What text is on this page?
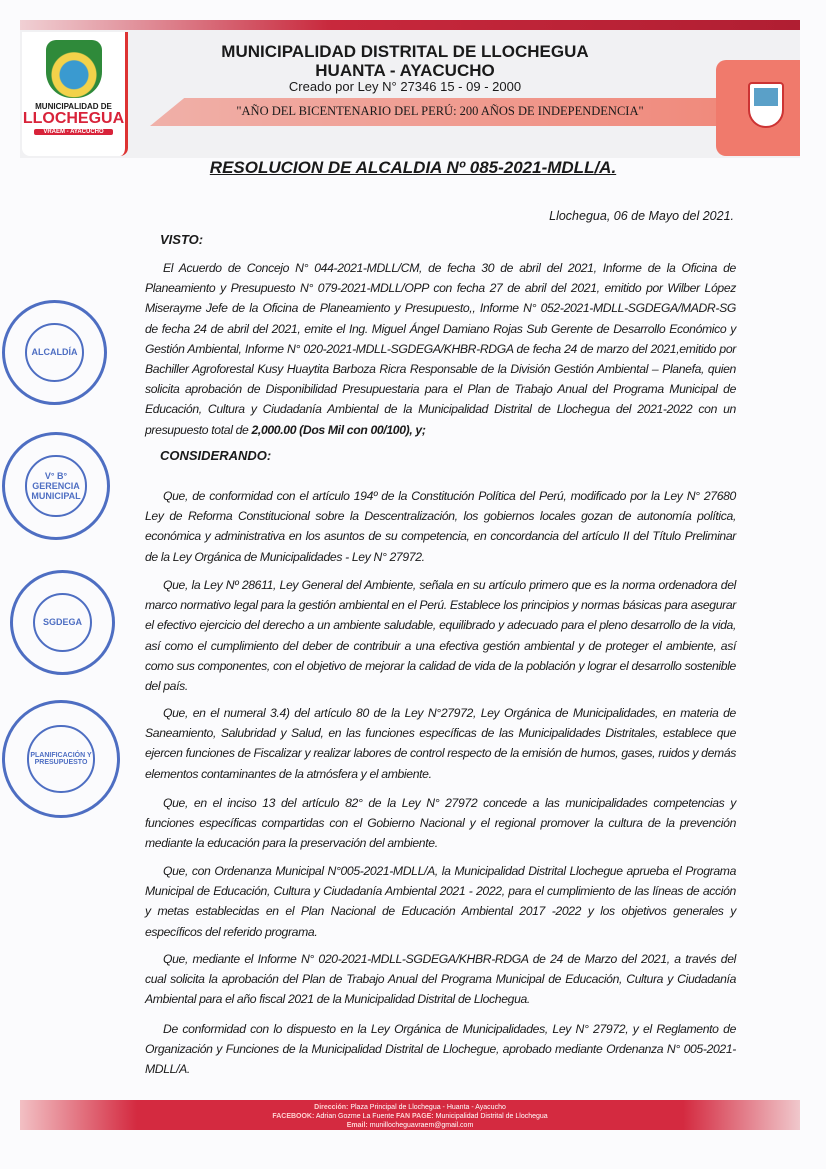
MUNICIPALIDAD DE
LLOCHEGUA
VRAEM - AYACUCHO
MUNICIPALIDAD DISTRITAL DE LLOCHEGUA
HUANTA - AYACUCHO
Creado por Ley N° 27346 15 - 09 - 2000
"AÑO DEL BICENTENARIO DEL PERÚ: 200 AÑOS DE INDEPENDENCIA"
RESOLUCION DE ALCALDIA Nº 085-2021-MDLL/A.
Llochegua, 06 de Mayo del 2021.
VISTO:
El Acuerdo de Concejo N° 044-2021-MDLL/CM, de fecha 30 de abril del 2021, Informe de la Oficina de Planeamiento y Presupuesto N° 079-2021-MDLL/OPP con fecha 27 de abril del 2021, emitido por Wilber López Miserayme Jefe de la Oficina de Planeamiento y Presupuesto,, Informe N° 052-2021-MDLL-SGDEGA/MADR-SG de fecha 24 de abril del 2021, emite el Ing. Miguel Ángel Damiano Rojas Sub Gerente de Desarrollo Económico y Gestión Ambiental, Informe N° 020-2021-MDLL-SGDEGA/KHBR-RDGA de fecha 24 de marzo del 2021,emitido por Bachiller Agroforestal Kusy Huaytita Barboza Ricra Responsable de la División Gestión Ambiental – Planefa, quien solicita aprobación de Disponibilidad Presupuestaria para el Plan de Trabajo Anual del Programa Municipal de Educación, Cultura y Ciudadanía Ambiental de la Municipalidad Distrital de Llochegua del 2021-2022 con un presupuesto total de 2,000.00 (Dos Mil con 00/100), y;
CONSIDERANDO:
Que, de conformidad con el artículo 194º de la Constitución Política del Perú, modificado por la Ley N° 27680 Ley de Reforma Constitucional sobre la Descentralización, los gobiernos locales gozan de autonomía política, económica y administrativa en los asuntos de su competencia, en concordancia del artículo II del Título Preliminar de la Ley Orgánica de Municipalidades - Ley N° 27972.
Que, la Ley Nº 28611, Ley General del Ambiente, señala en su artículo primero que es la norma ordenadora del marco normativo legal para la gestión ambiental en el Perú. Establece los principios y normas básicas para asegurar el efectivo ejercicio del derecho a un ambiente saludable, equilibrado y adecuado para el pleno desarrollo de la vida, así como el cumplimiento del deber de contribuir a una efectiva gestión ambiental y de proteger el ambiente, así como sus componentes, con el objetivo de mejorar la calidad de vida de la población y lograr el desarrollo sostenible del país.
Que, en el numeral 3.4) del artículo 80 de la Ley N°27972, Ley Orgánica de Municipalidades, en materia de Saneamiento, Salubridad y Salud, en las funciones específicas de las Municipalidades Distritales, establece que ejercen funciones de Fiscalizar y realizar labores de control respecto de la emisión de humos, gases, ruidos y demás elementos contaminantes de la atmósfera y el ambiente.
Que, en el inciso 13 del artículo 82° de la Ley N° 27972 concede a las municipalidades competencias y funciones específicas compartidas con el Gobierno Nacional y el regional promover la cultura de la prevención mediante la educación para la preservación del ambiente.
Que, con Ordenanza Municipal N°005-2021-MDLL/A, la Municipalidad Distrital Llochegue aprueba el Programa Municipal de Educación, Cultura y Ciudadanía Ambiental 2021 - 2022, para el cumplimiento de las líneas de acción y metas establecidas en el Plan Nacional de Educación Ambiental 2017 -2022 y los objetivos generales y específicos del referido programa.
Que, mediante el Informe N° 020-2021-MDLL-SGDEGA/KHBR-RDGA de 24 de Marzo del 2021, a través del cual solicita la aprobación del Plan de Trabajo Anual del Programa Municipal de Educación, Cultura y Ciudadanía Ambiental para el año fiscal 2021 de la Municipalidad Distrital de Llochegua.
De conformidad con lo dispuesto en la Ley Orgánica de Municipalidades, Ley N° 27972, y el Reglamento de Organización y Funciones de la Municipalidad Distrital de Llochegue, aprobado mediante Ordenanza N° 005-2021-MDLL/A.
ALCALDÍA
V° B° GERENCIA MUNICIPAL
SGDEGA
PLANIFICACIÓN Y PRESUPUESTO
Dirección: Plaza Principal de Llochegua - Huanta - Ayacucho
FACEBOOK: Adrian Gozme La Fuente FAN PAGE: Municipalidad Distrital de Llochegua
Email: munillocheguavraem@gmail.com
